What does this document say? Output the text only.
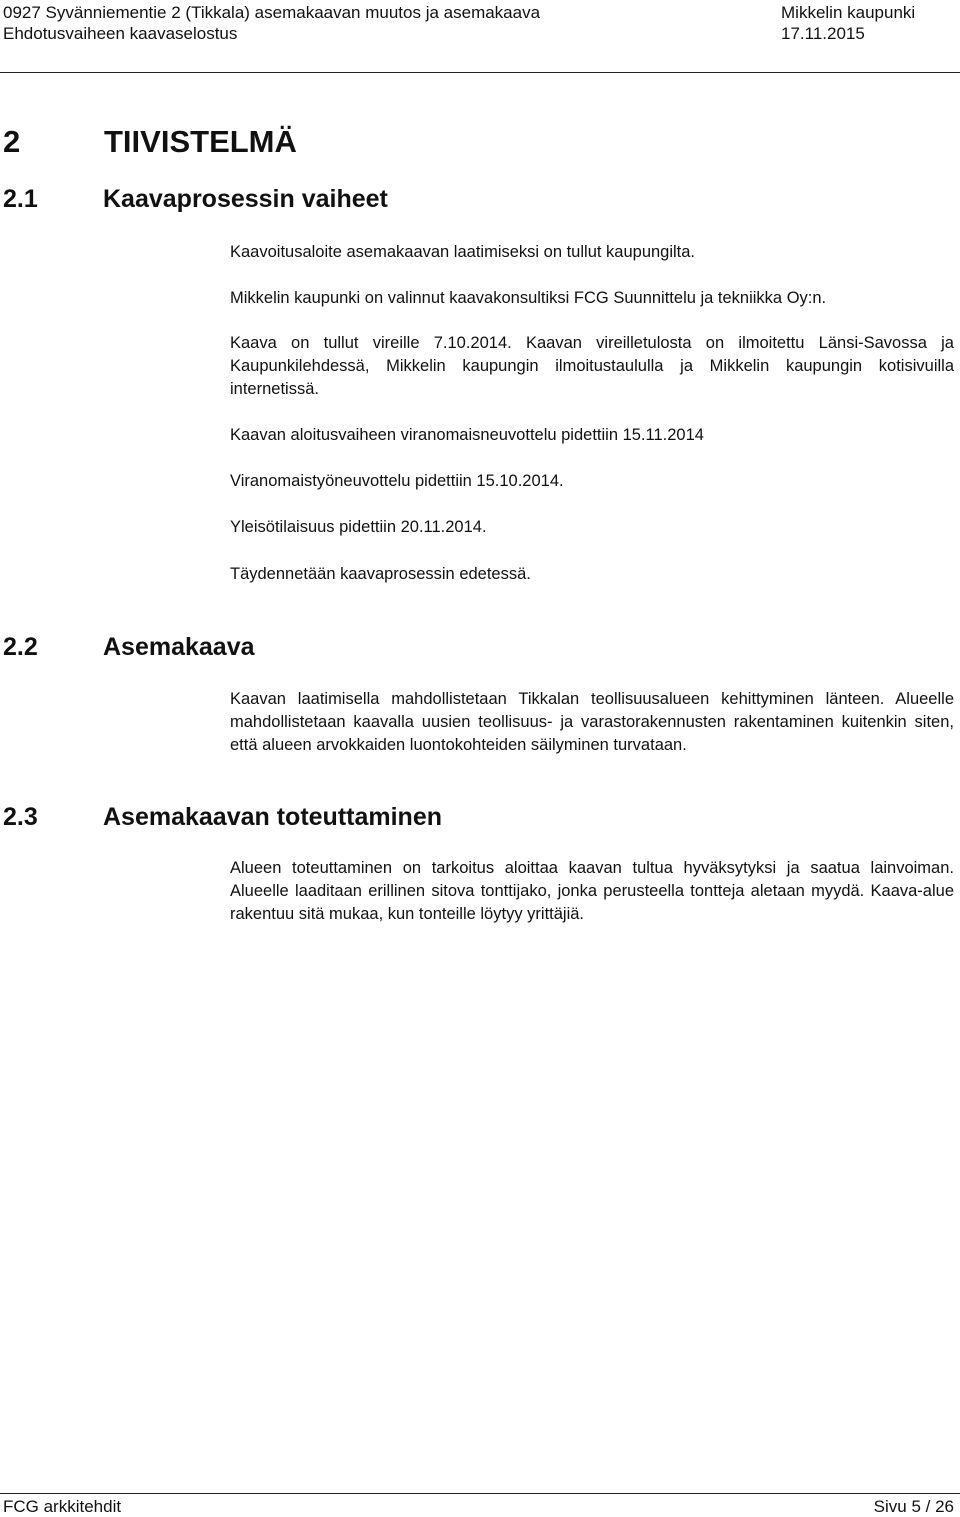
0927 Syvänniementie 2 (Tikkala) asemakaavan muutos ja asemakaava	Mikkelin kaupunki
Ehdotusvaiheen kaavaselostus	17.11.2015
2	TIIVISTELMÄ
2.1	Kaavaprosessin vaiheet
Kaavoitusaloite asemakaavan laatimiseksi on tullut kaupungilta.
Mikkelin kaupunki on valinnut kaavakonsultiksi FCG Suunnittelu ja tekniikka Oy:n.
Kaava on tullut vireille 7.10.2014. Kaavan vireilletulosta on ilmoitettu Länsi-Savossa ja Kaupunkilehdessä, Mikkelin kaupungin ilmoitustaululla ja Mikkelin kaupungin kotisivuilla internetissä.
Kaavan aloitusvaiheen viranomaisneuvottelu pidettiin 15.11.2014
Viranomaistyöneuvottelu pidettiin 15.10.2014.
Yleisötilaisuus pidettiin 20.11.2014.
Täydennetään kaavaprosessin edetessä.
2.2	Asemakaava
Kaavan laatimisella mahdollistetaan Tikkalan teollisuusalueen kehittyminen länteen. Alueelle mahdollistetaan kaavalla uusien teollisuus- ja varastorakennusten rakentaminen kuitenkin siten, että alueen arvokkaiden luontokohteiden säilyminen turvataan.
2.3	Asemakaavan toteuttaminen
Alueen toteuttaminen on tarkoitus aloittaa kaavan tultua hyväksytyksi ja saatua lainvoiman. Alueelle laaditaan erillinen sitova tonttijako, jonka perusteella tontteja aletaan myydä. Kaava-alue rakentuu sitä mukaa, kun tonteille löytyy yrittäjiä.
FCG arkkitehdit	Sivu 5 / 26
